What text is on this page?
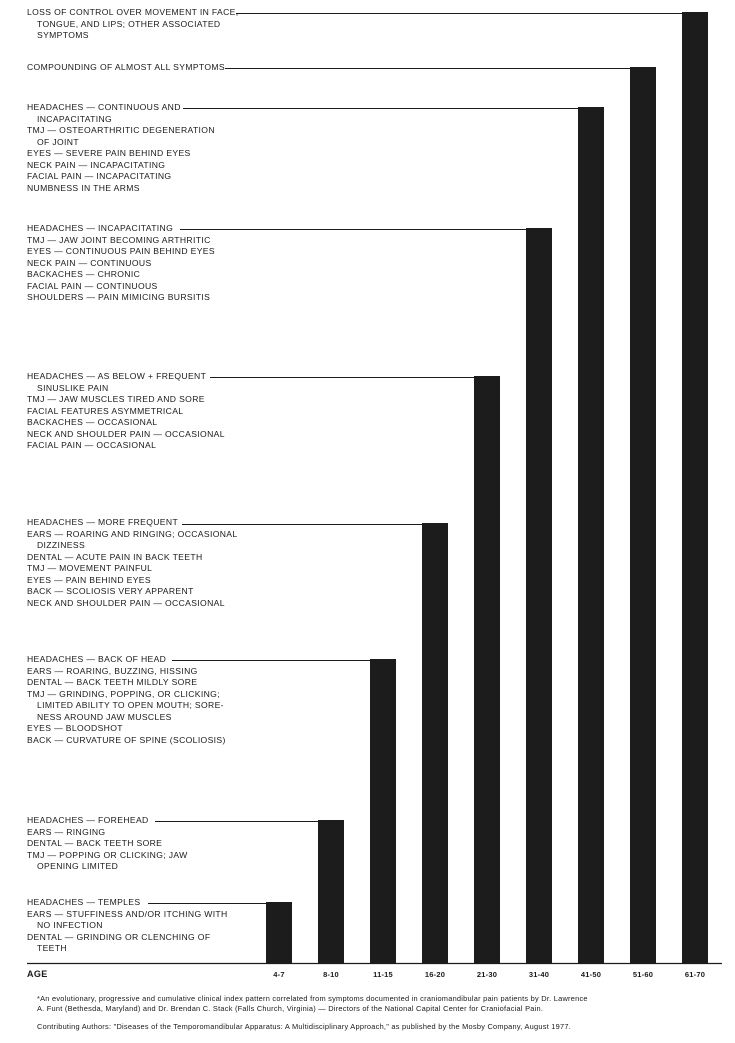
HEADACHES — TEMPLES
EARS — STUFFINESS AND/OR ITCHING WITH
NO INFECTION
DENTAL — GRINDING OR CLENCHING OF
TEETH
HEADACHES — FOREHEAD
EARS — RINGING
DENTAL — BACK TEETH SORE
TMJ — POPPING OR CLICKING; JAW
OPENING LIMITED
HEADACHES — BACK OF HEAD
EARS — ROARING, BUZZING, HISSING
DENTAL — BACK TEETH MILDLY SORE
TMJ — GRINDING, POPPING, OR CLICKING;
LIMITED ABILITY TO OPEN MOUTH; SORE-
NESS AROUND JAW MUSCLES
EYES — BLOODSHOT
BACK — CURVATURE OF SPINE (SCOLIOSIS)
HEADACHES — MORE FREQUENT
EARS — ROARING AND RINGING; OCCASIONAL
DIZZINESS
DENTAL — ACUTE PAIN IN BACK TEETH
TMJ — MOVEMENT PAINFUL
EYES — PAIN BEHIND EYES
BACK — SCOLIOSIS VERY APPARENT
NECK AND SHOULDER PAIN — OCCASIONAL
HEADACHES — AS BELOW + FREQUENT
SINUSLIKE PAIN
TMJ — JAW MUSCLES TIRED AND SORE
FACIAL FEATURES ASYMMETRICAL
BACKACHES — OCCASIONAL
NECK AND SHOULDER PAIN — OCCASIONAL
FACIAL PAIN — OCCASIONAL
HEADACHES — INCAPACITATING
TMJ — JAW JOINT BECOMING ARTHRITIC
EYES — CONTINUOUS PAIN BEHIND EYES
NECK PAIN — CONTINUOUS
BACKACHES — CHRONIC
FACIAL PAIN — CONTINUOUS
SHOULDERS — PAIN MIMICING BURSITIS
HEADACHES — CONTINUOUS AND
INCAPACITATING
TMJ — OSTEOARTHRITIC DEGENERATION
OF JOINT
EYES — SEVERE PAIN BEHIND EYES
NECK PAIN — INCAPACITATING
FACIAL PAIN — INCAPACITATING
NUMBNESS IN THE ARMS
COMPOUNDING OF ALMOST ALL SYMPTOMS
LOSS OF CONTROL OVER MOVEMENT IN FACE,
TONGUE, AND LIPS; OTHER ASSOCIATED
SYMPTOMS
4-7	8-10	11-15	16-20	21-30	31-40	41-50	51-60	61-70
AGE
*An evolutionary, progressive and cumulative clinical index pattern correlated from symptoms documented in craniomandibular pain patients by Dr. Lawrence
A. Funt (Bethesda, Maryland) and Dr. Brendan C. Stack (Falls Church, Virginia) — Directors of the National Capital Center for Craniofacial Pain.
Contributing Authors: "Diseases of the Temporomandibular Apparatus: A Multidisciplinary Approach," as published by the Mosby Company, August 1977.
